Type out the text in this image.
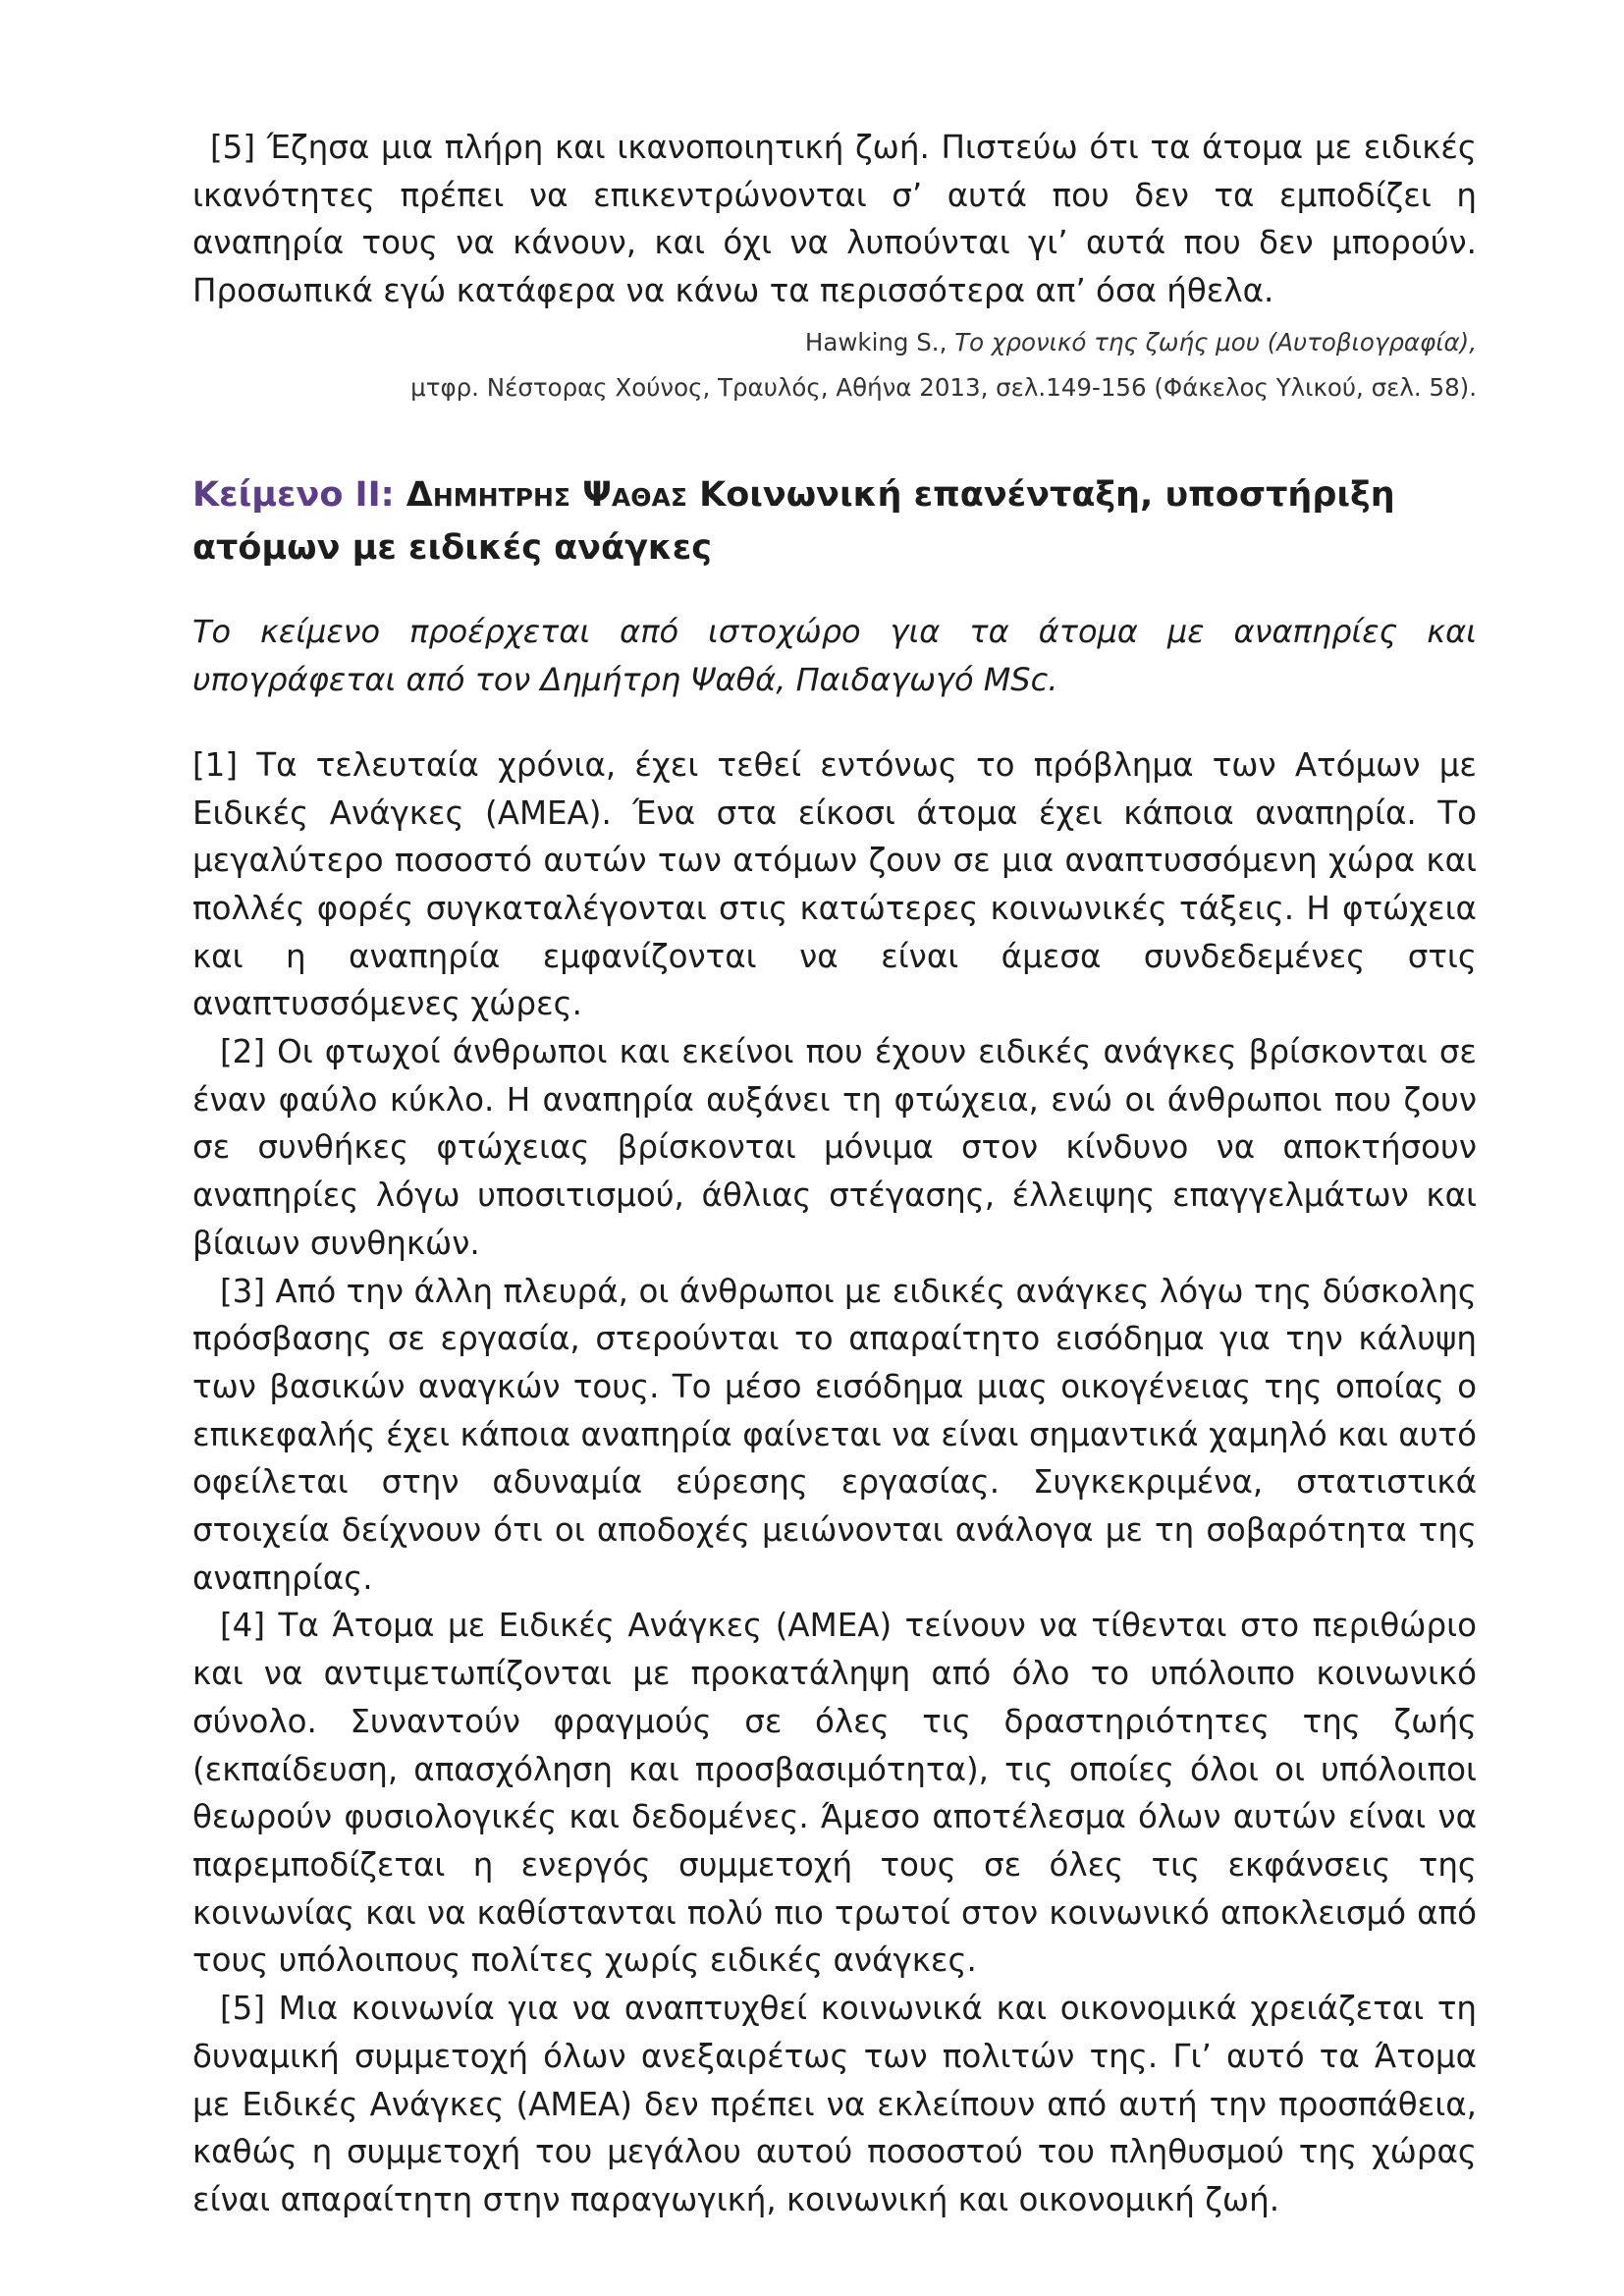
[5] Έζησα μια πλήρη και ικανοποιητική ζωή. Πιστεύω ότι τα άτομα με ειδικές ικανότητες πρέπει να επικεντρώνονται σ’ αυτά που δεν τα εμποδίζει η αναπηρία τους να κάνουν, και όχι να λυπούνται γι’ αυτά που δεν μπορούν. Προσωπικά εγώ κατάφερα να κάνω τα περισσότερα απ’ όσα ήθελα.

Hawking S., Το χρονικό της ζωής μου (Αυτοβιογραφία),

μτφρ. Νέστορας Χούνος, Τραυλός, Αθήνα 2013, σελ.149-156 (Φάκελος Υλικού, σελ. 58).

Κείμενο ΙΙ: Δημητρης Ψαθας Κοινωνική επανένταξη, υποστήριξη ατόμων με ειδικές ανάγκες

Το κείμενο προέρχεται από ιστοχώρο για τα άτομα με αναπηρίες και υπογράφεται από τον Δημήτρη Ψαθά, Παιδαγωγό MSc.

[1] Τα τελευταία χρόνια, έχει τεθεί εντόνως το πρόβλημα των Ατόμων με Ειδικές Ανάγκες (ΑΜΕΑ). Ένα στα είκοσι άτομα έχει κάποια αναπηρία. Το μεγαλύτερο ποσοστό αυτών των ατόμων ζουν σε μια αναπτυσσόμενη χώρα και πολλές φορές συγκαταλέγονται στις κατώτερες κοινωνικές τάξεις. Η φτώχεια και η αναπηρία εμφανίζονται να είναι άμεσα συνδεδεμένες στις αναπτυσσόμενες χώρες.

[2] Οι φτωχοί άνθρωποι και εκείνοι που έχουν ειδικές ανάγκες βρίσκονται σε έναν φαύλο κύκλο. Η αναπηρία αυξάνει τη φτώχεια, ενώ οι άνθρωποι που ζουν σε συνθήκες φτώχειας βρίσκονται μόνιμα στον κίνδυνο να αποκτήσουν αναπηρίες λόγω υποσιτισμού, άθλιας στέγασης, έλλειψης επαγγελμάτων και βίαιων συνθηκών.

[3] Από την άλλη πλευρά, οι άνθρωποι με ειδικές ανάγκες λόγω της δύσκολης πρόσβασης σε εργασία, στερούνται το απαραίτητο εισόδημα για την κάλυψη των βασικών αναγκών τους. Το μέσο εισόδημα μιας οικογένειας της οποίας ο επικεφαλής έχει κάποια αναπηρία φαίνεται να είναι σημαντικά χαμηλό και αυτό οφείλεται στην αδυναμία εύρεσης εργασίας. Συγκεκριμένα, στατιστικά στοιχεία δείχνουν ότι οι αποδοχές μειώνονται ανάλογα με τη σοβαρότητα της αναπηρίας.

[4] Τα Άτομα με Ειδικές Ανάγκες (ΑΜΕΑ) τείνουν να τίθενται στο περιθώριο και να αντιμετωπίζονται με προκατάληψη από όλο το υπόλοιπο κοινωνικό σύνολο. Συναντούν φραγμούς σε όλες τις δραστηριότητες της ζωής (εκπαίδευση, απασχόληση και προσβασιμότητα), τις οποίες όλοι οι υπόλοιποι θεωρούν φυσιολογικές και δεδομένες. Άμεσο αποτέλεσμα όλων αυτών είναι να παρεμποδίζεται η ενεργός συμμετοχή τους σε όλες τις εκφάνσεις της κοινωνίας και να καθίστανται πολύ πιο τρωτοί στον κοινωνικό αποκλεισμό από τους υπόλοιπους πολίτες χωρίς ειδικές ανάγκες.

[5] Μια κοινωνία για να αναπτυχθεί κοινωνικά και οικονομικά χρειάζεται τη δυναμική συμμετοχή όλων ανεξαιρέτως των πολιτών της. Γι’ αυτό τα Άτομα με Ειδικές Ανάγκες (ΑΜΕΑ) δεν πρέπει να εκλείπουν από αυτή την προσπάθεια, καθώς η συμμετοχή του μεγάλου αυτού ποσοστού του πληθυσμού της χώρας είναι απαραίτητη στην παραγωγική, κοινωνική και οικονομική ζωή.
